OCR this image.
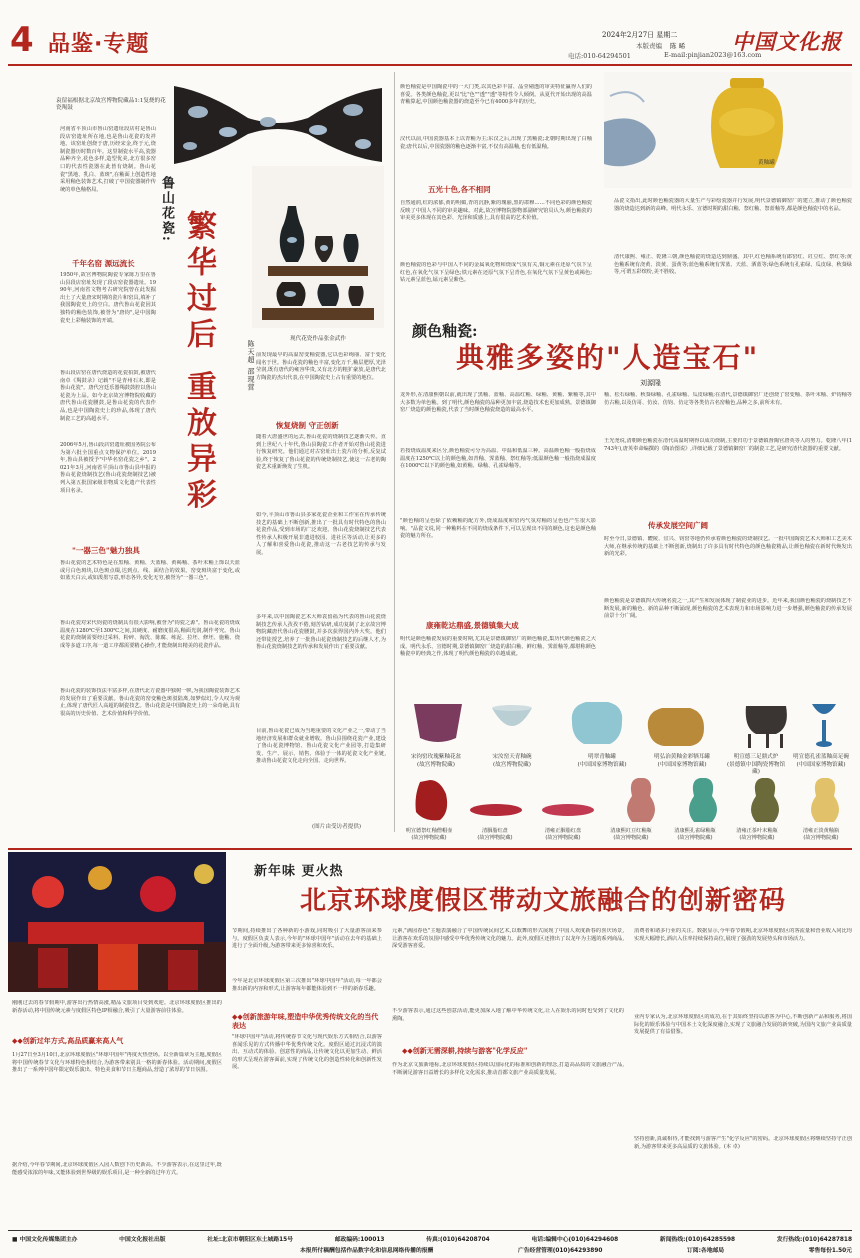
4 品鉴·专题	2024年2月27日 星期二
本版责编 陈 晞
电话:010-64294501	E-mail:pinjian2023@163.com
中国文化报
袁留福根据北京故宫博物院藏品1:1复烧的花瓷羯鼓
河南省平顶山市鲁山窑遗址段店村是鲁山段店窑遗址所在地,也是鲁山花瓷的发祥地。该窑址创烧于唐,历经宋金,终于元,烧制瓷器历时数百年。这里制瓷水平高,瓷器品种齐全,花色多样,造型优美,北方很多窑口的代表性瓷器在此皆有烧制。鲁山花瓷"黑地、乳白、蓝斑",在釉面上创造性地采用釉色装饰艺术,打破了中国瓷器制作传统的单色釉格局。	鲁山花瓷:
繁华过后 重放异彩	陈天超 邵现营
千年名窑 源远流长
1950年,故宫博物院陶瓷专家陈万里在鲁山县段店窑址发现了段店窑瓷器遗址。1990年,河南省文物考古研究院曾在此发掘出土了大量唐宋时期的瓷片和窑具,填补了我国陶瓷史上的空白。唐代鲁山花瓷因其独特的釉色装饰,被誉为"唐钧",是中国陶瓷史上彩釉装饰的开端。
鲁山段店窑在唐代烧造的花瓷拍鼓,被唐代南卓《羯鼓录》记载"不是青州石末,即是鲁山花瓷"。唐代宫廷乐器羯鼓鼓腔以鲁山花瓷为上品。如今北京故宫博物院收藏的唐代鲁山花瓷腰鼓,是鲁山花瓷的代表作品,也是中国陶瓷史上的珍品,体现了唐代制瓷工艺的高超水平。
2006年5月,鲁山段店窑遗址被国务院公布为第六批全国重点文物保护单位。2019年,鲁山县被授予"中华名窑花瓷之乡"。2021年3月,河南省平顶山市鲁山县申报的鲁山花瓷烧制技艺(鲁山花瓷烧制技艺)被列入第五批国家级非物质文化遗产代表性项目名录。
"一器三色"魅力独具
鲁山花瓷的艺术特色是在黑釉、黄釉、天蓝釉、黄褐釉、茶叶末釉上饰以天蓝或月白色斑块,以色斑点缀,达到点、线、面结合的效果。窑变斑块富于变化,或如蓝天白云,或如泼墨写意,形态各异,变化无穷,被誉为"一器三色"。
鲁山花瓷对宋代钧瓷的烧制具有很大影响,被誉为"钧瓷之源"。鲁山花瓷的烧成温度在1280℃至1300℃之间,其硬度、耐磨度很高,釉面光润,制作考究。鲁山花瓷的烧制需要经过采料、粉碎、淘洗、陈腐、练泥、拉坯、修坯、施釉、烧成等多道工序,每一道工序都需要精心操作,才能烧制出精美的花瓷作品。
鲁山花瓷的装饰技法丰富多样,在唐代北方瓷器中独树一帜,为我国陶瓷装饰艺术的发展作出了重要贡献。鲁山花瓷的窑变釉色斑驳陆离,如梦似幻,令人叹为观止,体现了唐代匠人高超的制瓷技艺。鲁山花瓷是中国陶瓷史上的一朵奇葩,具有很高的历史价值、艺术价值和科学价值。
现代花瓷作品张金武作
前发现最早的高温窑变釉瓷器,它以色彩绚丽、富于变化闻名于世。鲁山花瓷的釉色丰富,变化万千,釉层肥厚,光泽莹润,既有唐代的雍容华贵,又有北方的粗犷豪放,是唐代北方陶瓷的杰出代表,在中国陶瓷史上占有重要的地位。
恢复烧制 守正创新
随着大唐盛世的远去,鲁山花瓷的烧制技艺逐渐失传。直到上世纪八十年代,鲁山县陶瓷工作者开始对鲁山花瓷进行恢复研究。他们通过对古窑址出土瓷片的分析,反复试验,终于恢复了鲁山花瓷的传统烧制技艺,使这一古老的陶瓷艺术重新焕发了生机。
如今,平顶山市鲁山县多家花瓷企业和工作室在传承传统技艺的基础上不断创新,推出了一批具有时代特色的鲁山花瓷作品,受到市场的广泛欢迎。鲁山花瓷烧制技艺代表性传承人积极开展非遗进校园、进社区等活动,让更多的人了解和喜爱鲁山花瓷,推动这一古老技艺的传承与发展。
多年来,以中国陶瓷艺术大师袁留福为代表的鲁山花瓷烧制技艺传承人孜孜不倦,刻苦钻研,成功复制了北京故宫博物院藏唐代鲁山花瓷腰鼓,并多次获得国内外大奖。他们还带徒授艺,培养了一批鲁山花瓷烧制技艺的后继人才,为鲁山花瓷烧制技艺的传承和发展作出了重要贡献。
目前,鲁山花瓷已成为当地重要的文化产业之一,带动了当地经济发展和群众就业增收。鲁山县围绕花瓷产业,建设了鲁山花瓷博物馆、鲁山花瓷文化产业园等,打造集研发、生产、展示、销售、体验于一体的花瓷文化产业链,推动鲁山花瓷文化走向全国、走向世界。
(图片由受访者提供)
颜色釉瓷是中国陶瓷中的一大门类,以其色彩丰富、晶莹剔透的审美特征赢得人们的喜爱。各类颜色釉瓷,更以"比"色""透""透"等特性令人倾倒。从夏代开始出现的高温青釉算起,中国颜色釉瓷器的烧造至今已有4000多年的历史。
汉代以前,中国瓷器基本上以青釉为主;东汉之后,出现了黑釉瓷;北朝时期出现了白釉瓷;唐代以后,中国瓷器的釉色逐渐丰富,不仅有高温釉,也有低温釉。
五光十色,各不相同
自然通润,红的浓郁,黄的明媚,青的沉静,紫的瑰丽,黑的肃穆……不同色彩的颜色釉瓷反映了中国人不同的审美趣味。对此,故宫博物院器物部副研究馆员认为,颜色釉瓷的审美更多体现在其色彩、光泽和质感上,具有很高的艺术价值。
颜色釉瓷的色彩与中国人不同的金属氧化物和烧成气氛有关,铜元素在还原气氛下呈红色,在氧化气氛下呈绿色;铁元素在还原气氛下呈青色,在氧化气氛下呈黄色或褐色;钴元素呈蓝色,锰元素呈紫色。
黄釉罐
品瓷文指出,此时颜色釉瓷器的大量生产与彩绘瓷器并行发展,明代景德镇御窑厂的建立,推动了颜色釉瓷器的烧造达到新的高峰。明代永乐、宣德时期的甜白釉、祭红釉、祭蓝釉等,都是颜色釉瓷中的名品。
清代康熙、雍正、乾隆三朝,颜色釉瓷的烧造达到鼎盛。其中,红色釉系统有郎窑红、豇豆红、祭红等;黄色釉系统有浇黄、淡黄、蛋黄等;蓝色釉系统有霁蓝、天蓝、洒蓝等;绿色系统有孔雀绿、瓜皮绿、秋葵绿等,可谓五彩缤纷,美不胜收。
颜色釉瓷:
典雅多姿的"人造宝石"
刘源隆
龙外形,在清康熙朝以前,就出现了黑釉、蓝釉、高温红釉、绿釉、黄釉、紫釉等,其中大多数为单色釉。到了明代,颜色釉瓷的品种更加丰富,烧造技术也更加成熟。景德镇御窑厂烧造的颜色釉瓷,代表了当时颜色釉瓷烧造的最高水平。
若按烧成温度来区分,颜色釉瓷可分为高温、中温和低温三种。高温颜色釉一般指烧成温度在1250℃以上的颜色釉,如青釉、霁蓝釉、祭红釉等;低温颜色釉一般指烧成温度在1000℃以下的颜色釉,如黄釉、绿釉、孔雀绿釉等。
"颜色釉的呈色除了依赖釉的配方外,烧成温度和窑内气氛对釉的呈色也产生很大影响。"品瓷文说,同一种釉料在不同的烧成条件下,可以呈现出不同的颜色,这也是颜色釉瓷的魅力所在。
康雍乾达鼎盛,景德镇集大成
明代是颜色釉瓷发展的重要时期,尤其是景德镇御窑厂的颜色釉瓷,集历代颜色釉瓷之大成。明代永乐、宣德时期,景德镇御窑厂烧造的甜白釉、鲜红釉、霁蓝釉等,都堪称颜色釉瓷中的经典之作,体现了明代颜色釉瓷的卓越成就。
釉、松石绿釉、秋葵绿釉、孔雀绿釉、瓜皮绿釉;在清代,景德镇御窑厂还创烧了窑变釉、茶叶末釉、炉钧釉等仿古釉,以及仿哥、仿汝、仿钧、仿定等各类仿古名窑釉色,品种之多,前所未有。
王光尧说,清朝颜色釉瓷在清代高温时期得以成功烧制,主要归功于景德镇督陶官唐英等人的努力。乾隆八年(1743年),唐英奉命编撰的《陶冶图说》,详细记载了景德镇御窑厂的制瓷工艺,是研究清代瓷器的重要文献。
传承发展空间广阔
时至今日,景德镇、醴陵、宜兴、钧窑等地仍传承着颜色釉瓷的烧制技艺。一批中国陶瓷艺术大师和工艺美术大师,在继承传统的基础上不断创新,烧制出了许多具有时代特色的颜色釉瓷精品,让颜色釉瓷在新时代焕发出新的光彩。
颜色釉瓷是景德镇四大传统名瓷之一,其产生和发展体现了制瓷业的进步。近年来,我国颜色釉瓷的烧制技艺不断发展,新的釉色、新的品种不断涌现,颜色釉瓷的艺术表现力和市场影响力进一步增强,颜色釉瓷的传承发展前景十分广阔。
宋钧窑玫瑰紫釉花盆
(故宫博物院藏)
宋汝窑天青釉碗
(故宫博物院藏)
明翠青釉罐
(中国国家博物馆藏)
明弘治黄釉金彩牺耳罐
(中国国家博物馆藏)
明宣德三足鼎式炉
(景德镇中国陶瓷博物馆藏)
明宣德孔雀蓝釉高足碗
(中国国家博物馆藏)
明宣德祭红釉僧帽壶
(故宫博物院藏)
清胭脂红盘
(故宫博物院藏)
清雍正胭脂红盘
(故宫博物院藏)
清康熙豇豆红釉瓶
(故宫博物院藏)
清康熙孔雀绿釉瓶
(故宫博物院藏)
清雍正茶叶末釉瓶
(故宫博物院藏)
清雍正淡黄釉瓶
(故宫博物院藏)
新年味 更火热
北京环球度假区带动文旅融合的创新密码
刚刚过去的春节假期中,游客出行热情高涨,精品文旅项目受到欢迎。北京环球度假区推出的新春活动,将中国传统元素与度假区特色IP相融合,吸引了大量游客前往体验。
◆◆创新过年方式,高品质赢来高人气
1月27日至3月10日,北京环球度假区"环球中国年"再度火热登场。以全新篇章为主题,度假区将中国传统春节文化与环球特色相结合,为游客带来别具一格的新春体验。活动期间,度假区推出了一系列中国年限定娱乐演出、特色美食和节日主题商品,营造了浓厚的节日氛围。
据介绍,今年春节期间,北京环球度假区入园人数创下历史新高。不少游客表示,在这里过年,既能感受浓浓的年味,又能体验到世界级的娱乐项目,是一种全新的过年方式。
节期间,持续推出了各种新的小游戏,同时吸引了大量游客前来参与。度假区负责人表示,今年的"环球中国年"活动在去年的基础上进行了全面升级,为游客带来更多惊喜和欢乐。
今年是北京环球度假区第三次推出"环球中国年"活动,每一年都会推出新的内容和形式,让游客每年都能体验到不一样的新春乐趣。
◆◆创新旅游年味,塑造中华优秀传统文化的当代表达
"环球中国年"活动,将传统春节文化与现代娱乐方式相结合,以游客喜闻乐见的方式传播中华优秀传统文化。度假区通过沉浸式的演出、互动式的体验、创意性的商品,让传统文化以更加生动、鲜活的形式呈现在游客面前,实现了传统文化的创造性转化和创新性发展。
元素,"满园春色"主题表演融合了中国传统民间艺术,以歌舞的形式展现了中国人欢度新春的喜庆场景,让游客在欢乐的氛围中感受中华优秀传统文化的魅力。此外,度假区还推出了以龙年为主题的系列商品,深受游客喜爱。
不少游客表示,通过这些创意活动,能更加深入地了解中华传统文化,让人在娱乐的同时也受到了文化的熏陶。
◆◆创新无需深耕,持续与游客"化学反应"
作为北京文旅新地标,北京环球度假区持续以国际化的标准和创新的理念,打造高品质的文旅融合产品,不断满足游客日益增长的多样化文化需求,推动首都文旅产业高质量发展。
消费者和诸多行业的关注。数据显示,今年春节假期,北京环球度假区的客流量和营业收入同比均实现大幅增长,酒店入住率持续保持高位,展现了强劲的发展势头和市场活力。
业内专家认为,北京环球度假区的成功,在于其始终坚持以游客为中心,不断创新产品和服务,将国际化的娱乐体验与中国本土文化深度融合,实现了文旅融合发展的新突破,为国内文旅产业高质量发展提供了有益借鉴。
坚持创新,真诚相待,才能找到与游客产生"化学反应"的密码。北京环球度假区将继续坚持守正创新,为游客带来更多高品质的文旅体验。(本 卓)
■ 中国文化传媒集团主办	中国文化报社出版	社址:北京市朝阳区东土城路15号	邮政编码:100013	传真:(010)64208704	电话:编辑中心(010)64294608	新闻热线:(010)64285598	发行热线:(010)64287818
本报所付稿酬包括作品数字化和信息网络传播的报酬	广告经营管理(010)64293890	订阅:各地邮局	零售每份1.50元
